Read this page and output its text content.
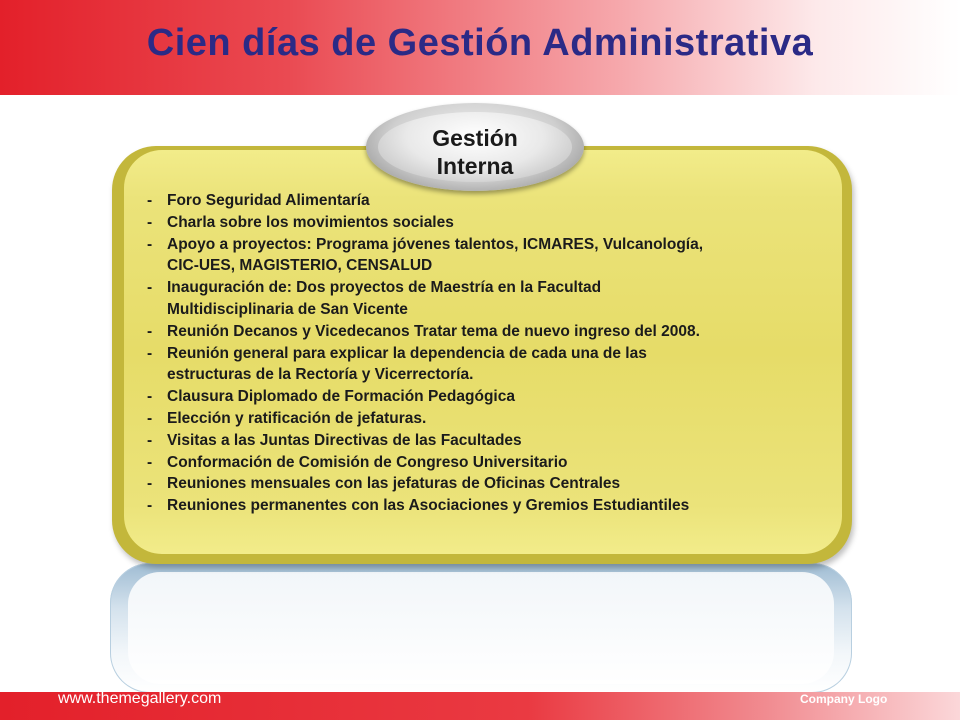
Cien días de Gestión Administrativa
Gestión
Interna
- Foro Seguridad Alimentaría
- Charla sobre los movimientos sociales
- Apoyo a proyectos: Programa jóvenes talentos, ICMARES, Vulcanología,
CIC-UES, MAGISTERIO, CENSALUD
- Inauguración de: Dos proyectos de Maestría en la Facultad
Multidisciplinaria de San Vicente
- Reunión Decanos y Vicedecanos Tratar tema de nuevo ingreso del 2008.
- Reunión general para explicar la dependencia de cada una de las
estructuras de la Rectoría y Vicerrectoría.
- Clausura Diplomado de Formación Pedagógica
- Elección y ratificación de jefaturas.
- Visitas a las Juntas Directivas de las Facultades
- Conformación de Comisión de Congreso Universitario
- Reuniones mensuales con las jefaturas de Oficinas Centrales
- Reuniones permanentes con las Asociaciones y Gremios Estudiantiles
www.themegallery.com	Company Logo
